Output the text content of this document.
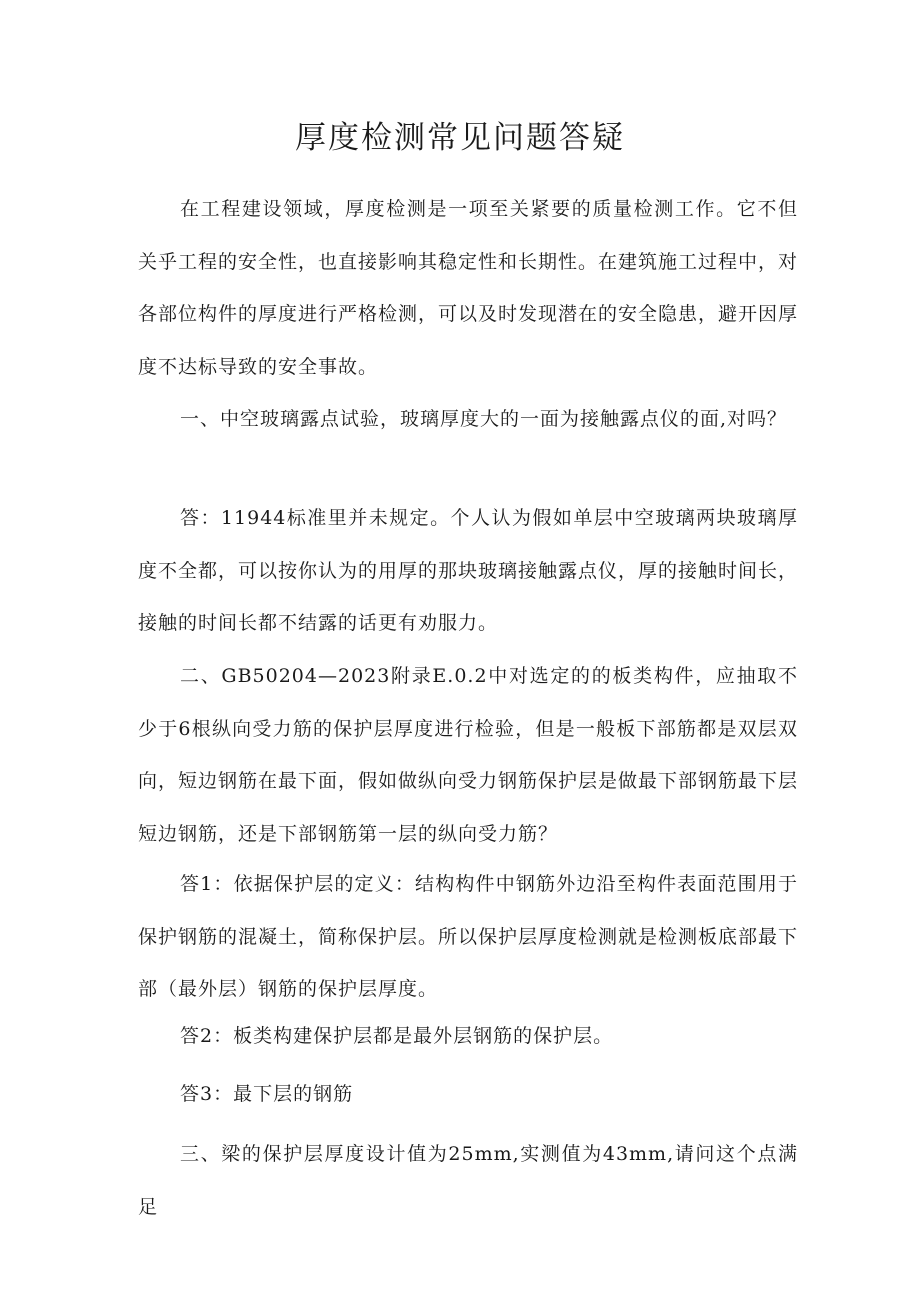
厚度检测常见问题答疑

在工程建设领域，厚度检测是一项至关紧要的质量检测工作。它不但关乎工程的安全性，也直接影响其稳定性和长期性。在建筑施工过程中，对各部位构件的厚度进行严格检测，可以及时发现潜在的安全隐患，避开因厚度不达标导致的安全事故。

一、中空玻璃露点试验，玻璃厚度大的一面为接触露点仪的面,对吗？

答：11944标准里并未规定。个人认为假如单层中空玻璃两块玻璃厚度不全都，可以按你认为的用厚的那块玻璃接触露点仪，厚的接触时间长，接触的时间长都不结露的话更有劝服力。

二、GB50204—2023附录E.0.2中对选定的的板类构件，应抽取不少于6根纵向受力筋的保护层厚度进行检验，但是一般板下部筋都是双层双向，短边钢筋在最下面，假如做纵向受力钢筋保护层是做最下部钢筋最下层短边钢筋，还是下部钢筋第一层的纵向受力筋？

答1：依据保护层的定义：结构构件中钢筋外边沿至构件表面范围用于保护钢筋的混凝土，简称保护层。所以保护层厚度检测就是检测板底部最下部（最外层）钢筋的保护层厚度。

答2：板类构建保护层都是最外层钢筋的保护层。

答3：最下层的钢筋

三、梁的保护层厚度设计值为25mm,实测值为43mm,请问这个点满足
